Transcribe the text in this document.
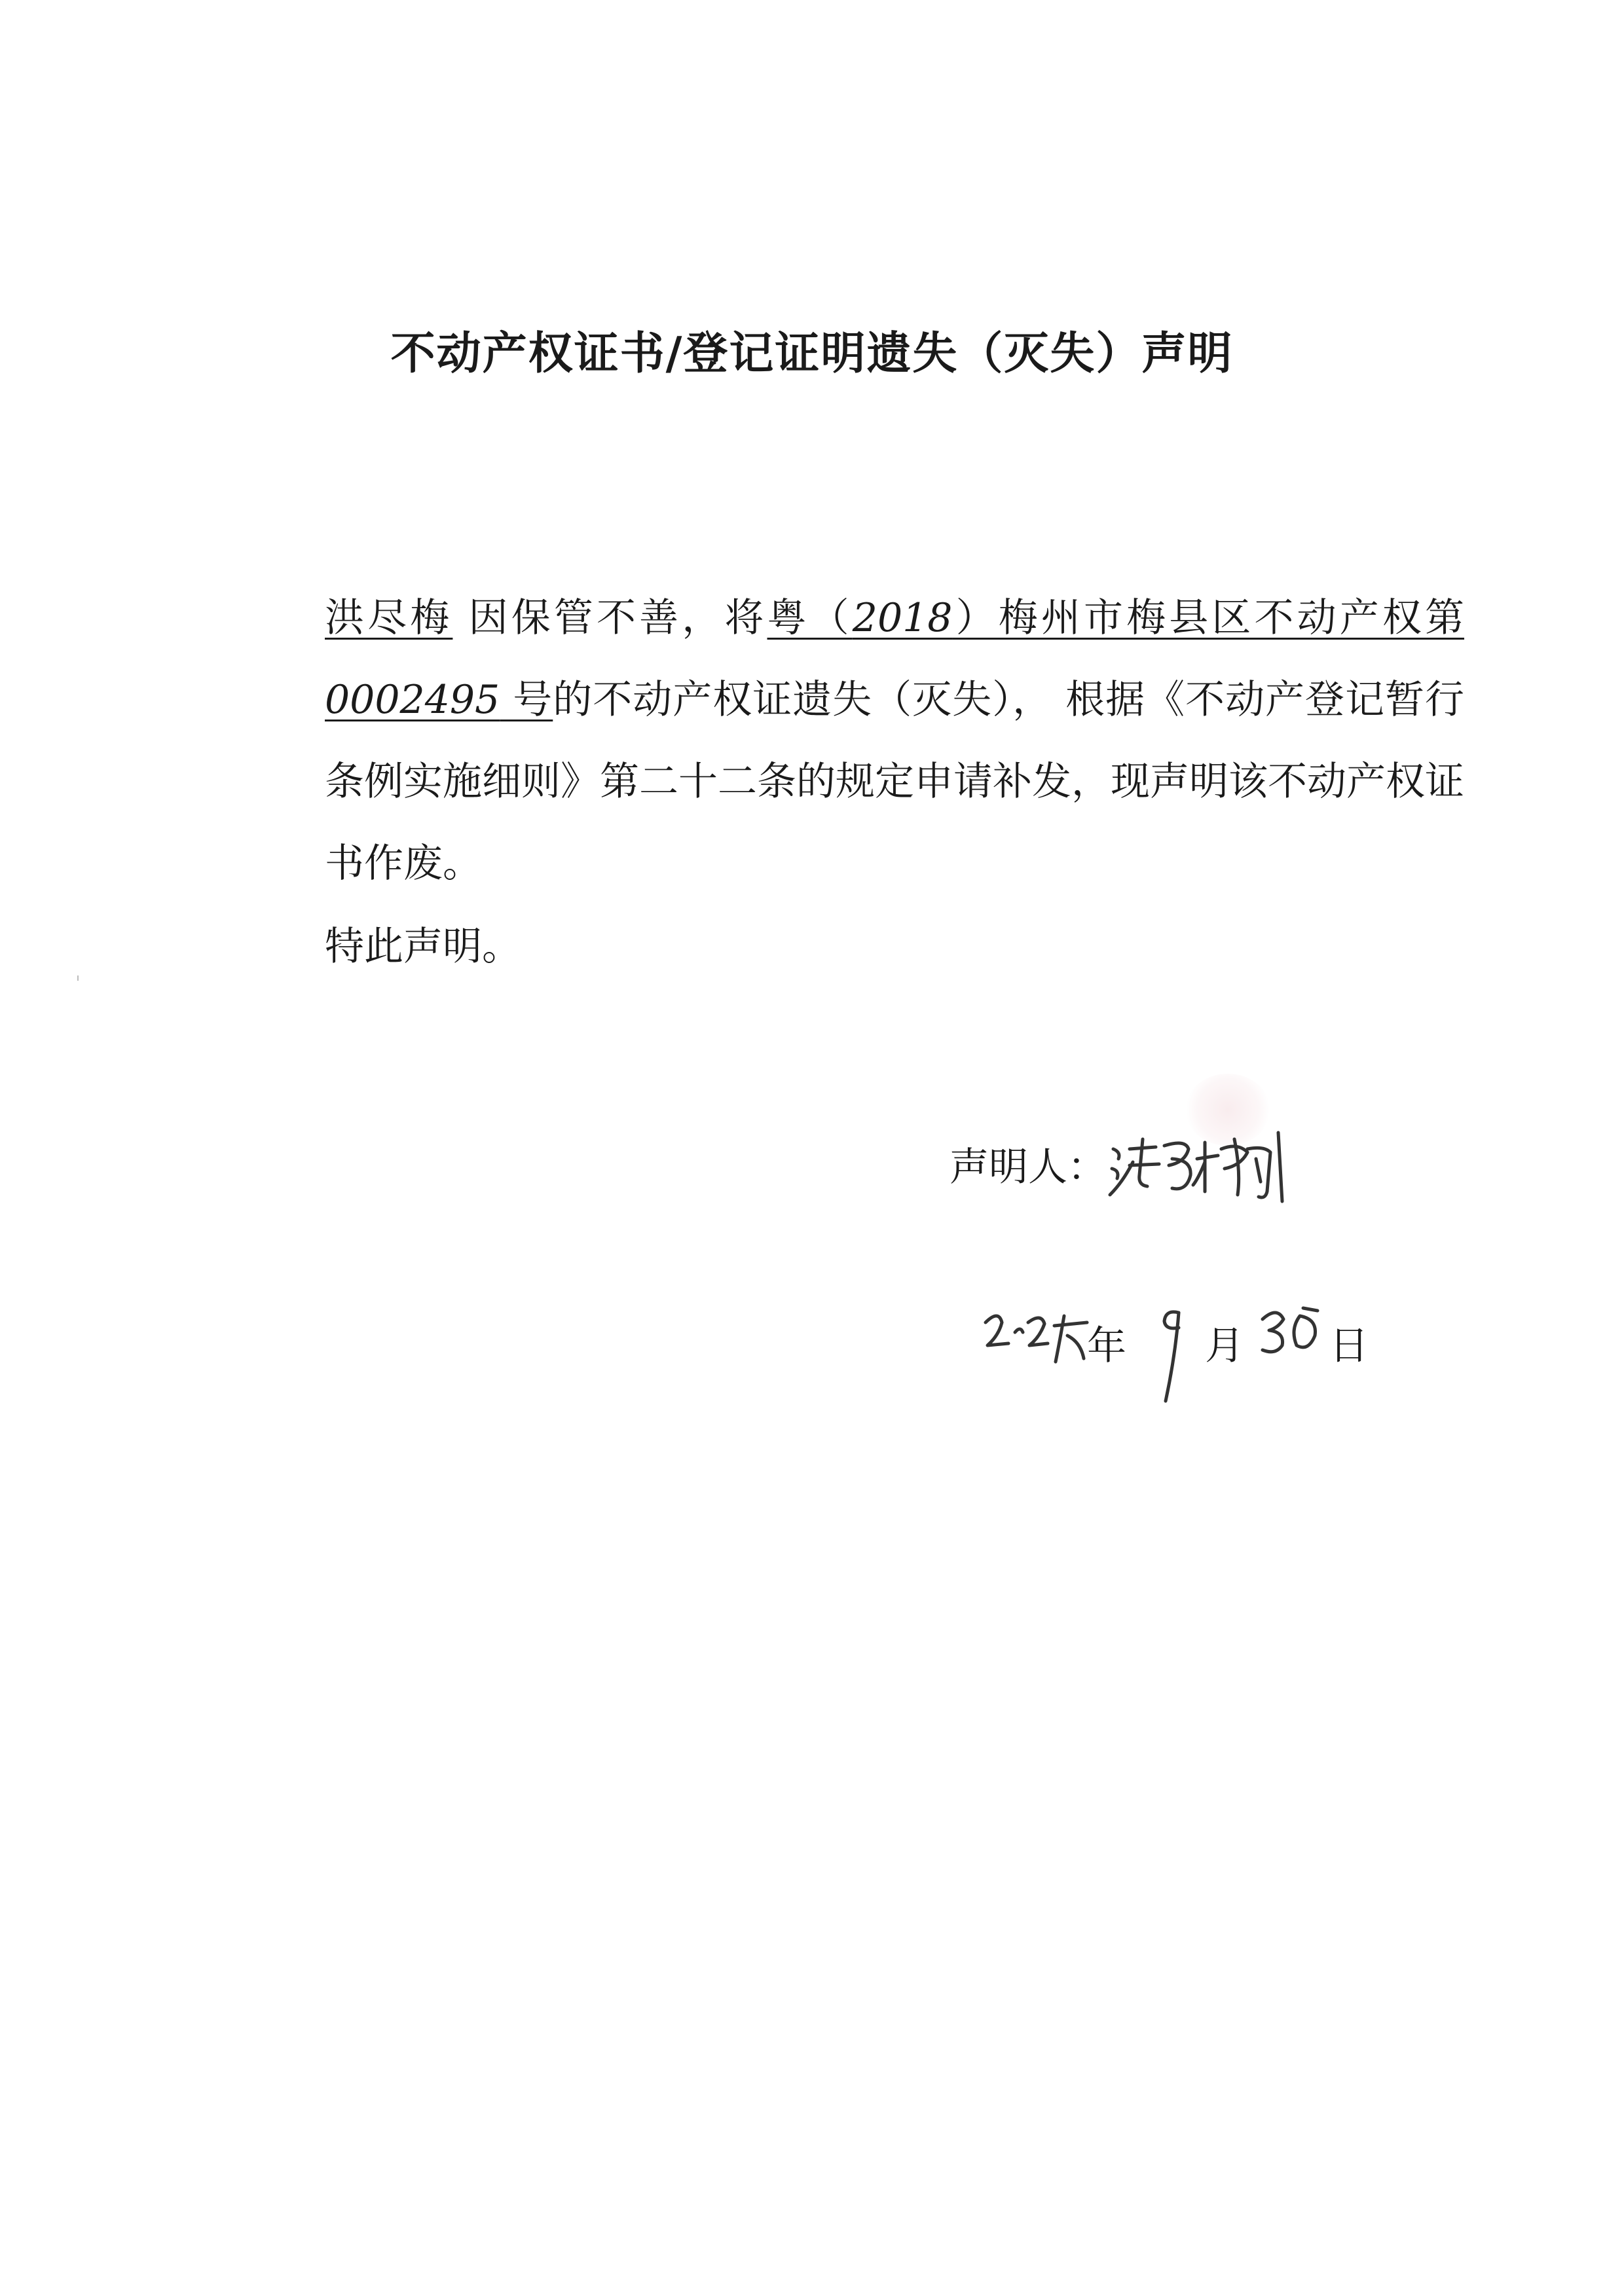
不动产权证书/登记证明遗失（灭失）声明

洪尽梅 因保管不善，将粤（2018）梅州市梅县区不动产权第 0002495 号的不动产权证遗失（灭失）， 根据《不动产登记暂行条例实施细则》第二十二条的规定申请补发，现声明该不动产权证书作废。

特此声明。

声明人：
年 月 日
